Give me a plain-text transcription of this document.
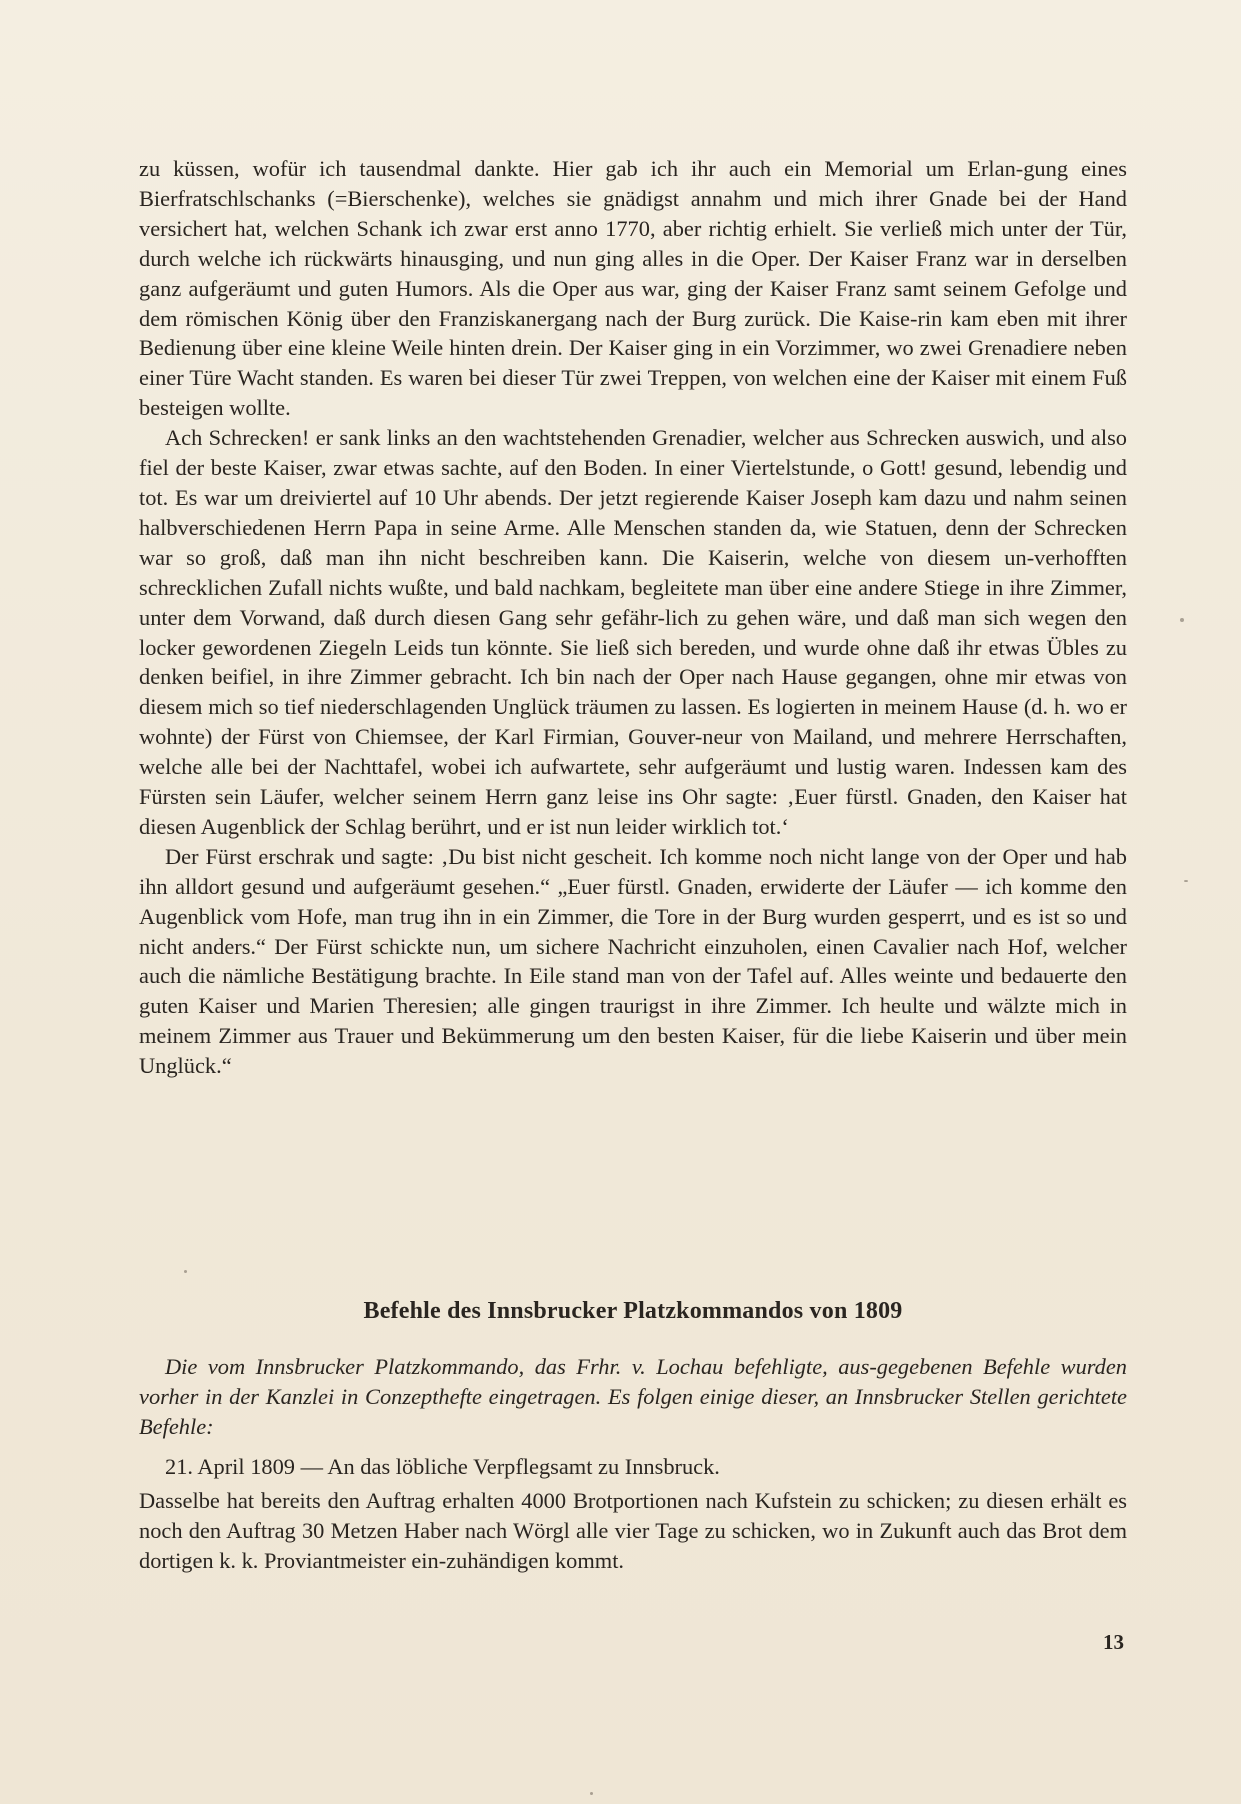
zu küssen, wofür ich tausendmal dankte. Hier gab ich ihr auch ein Memorial um Erlan-gung eines Bierfratschlschanks (=Bierschenke), welches sie gnädigst annahm und mich ihrer Gnade bei der Hand versichert hat, welchen Schank ich zwar erst anno 1770, aber richtig erhielt. Sie verließ mich unter der Tür, durch welche ich rückwärts hinausging, und nun ging alles in die Oper. Der Kaiser Franz war in derselben ganz aufgeräumt und guten Humors. Als die Oper aus war, ging der Kaiser Franz samt seinem Gefolge und dem römischen König über den Franziskanergang nach der Burg zurück. Die Kaise-rin kam eben mit ihrer Bedienung über eine kleine Weile hinten drein. Der Kaiser ging in ein Vorzimmer, wo zwei Grenadiere neben einer Türe Wacht standen. Es waren bei dieser Tür zwei Treppen, von welchen eine der Kaiser mit einem Fuß besteigen wollte.

Ach Schrecken! er sank links an den wachtstehenden Grenadier, welcher aus Schrecken auswich, und also fiel der beste Kaiser, zwar etwas sachte, auf den Boden. In einer Viertelstunde, o Gott! gesund, lebendig und tot. Es war um dreiviertel auf 10 Uhr abends. Der jetzt regierende Kaiser Joseph kam dazu und nahm seinen halbverschiedenen Herrn Papa in seine Arme. Alle Menschen standen da, wie Statuen, denn der Schrecken war so groß, daß man ihn nicht beschreiben kann. Die Kaiserin, welche von diesem un-verhofften schrecklichen Zufall nichts wußte, und bald nachkam, begleitete man über eine andere Stiege in ihre Zimmer, unter dem Vorwand, daß durch diesen Gang sehr gefähr-lich zu gehen wäre, und daß man sich wegen den locker gewordenen Ziegeln Leids tun könnte. Sie ließ sich bereden, und wurde ohne daß ihr etwas Übles zu denken beifiel, in ihre Zimmer gebracht. Ich bin nach der Oper nach Hause gegangen, ohne mir etwas von diesem mich so tief niederschlagenden Unglück träumen zu lassen. Es logierten in meinem Hause (d. h. wo er wohnte) der Fürst von Chiemsee, der Karl Firmian, Gouver-neur von Mailand, und mehrere Herrschaften, welche alle bei der Nachttafel, wobei ich aufwartete, sehr aufgeräumt und lustig waren. Indessen kam des Fürsten sein Läufer, welcher seinem Herrn ganz leise ins Ohr sagte: ‚Euer fürstl. Gnaden, den Kaiser hat diesen Augenblick der Schlag berührt, und er ist nun leider wirklich tot.‘

Der Fürst erschrak und sagte: ‚Du bist nicht gescheit. Ich komme noch nicht lange von der Oper und hab ihn alldort gesund und aufgeräumt gesehen.“ „Euer fürstl. Gnaden, erwiderte der Läufer — ich komme den Augenblick vom Hofe, man trug ihn in ein Zimmer, die Tore in der Burg wurden gesperrt, und es ist so und nicht anders.“ Der Fürst schickte nun, um sichere Nachricht einzuholen, einen Cavalier nach Hof, welcher auch die nämliche Bestätigung brachte. In Eile stand man von der Tafel auf. Alles weinte und bedauerte den guten Kaiser und Marien Theresien; alle gingen traurigst in ihre Zimmer. Ich heulte und wälzte mich in meinem Zimmer aus Trauer und Bekümmerung um den besten Kaiser, für die liebe Kaiserin und über mein Unglück.“

Befehle des Innsbrucker Platzkommandos von 1809

Die vom Innsbrucker Platzkommando, das Frhr. v. Lochau befehligte, aus-gegebenen Befehle wurden vorher in der Kanzlei in Conzepthefte eingetragen. Es folgen einige dieser, an Innsbrucker Stellen gerichtete Befehle:

21. April 1809 — An das löbliche Verpflegsamt zu Innsbruck.

Dasselbe hat bereits den Auftrag erhalten 4000 Brotportionen nach Kufstein zu schicken; zu diesen erhält es noch den Auftrag 30 Metzen Haber nach Wörgl alle vier Tage zu schicken, wo in Zukunft auch das Brot dem dortigen k. k. Proviantmeister ein-zuhändigen kommt.

13
